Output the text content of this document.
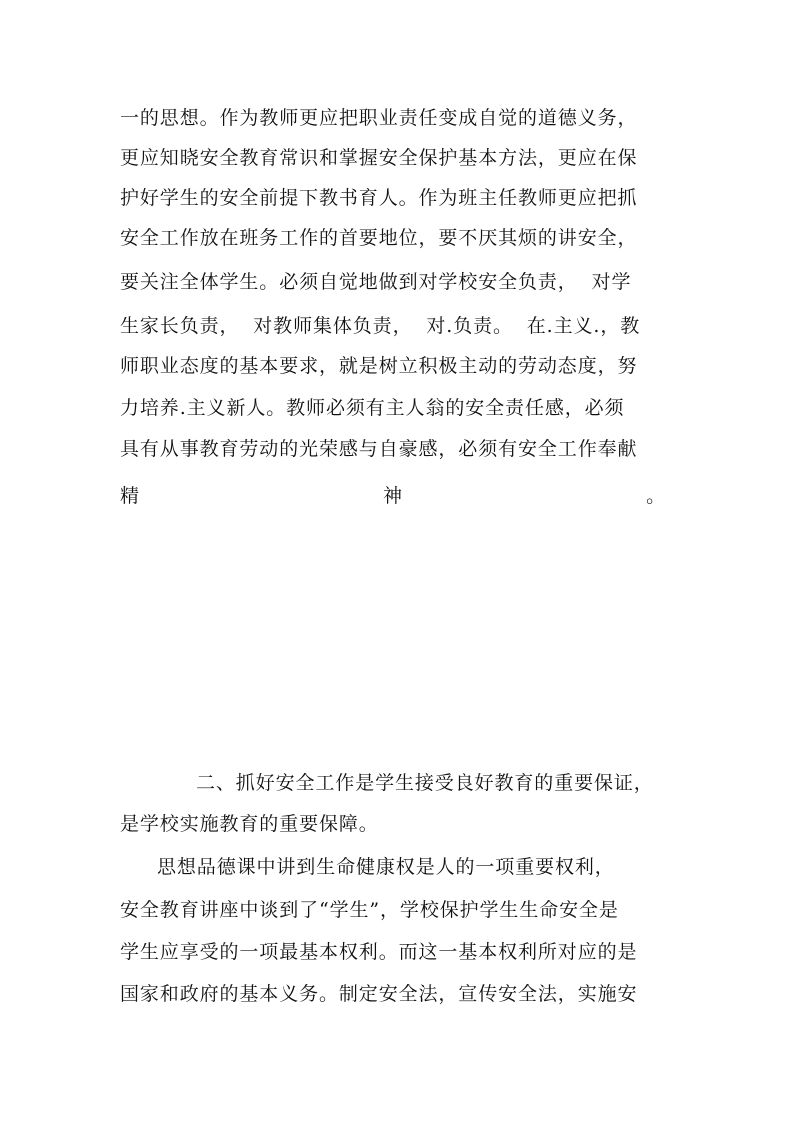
一的思想。作为教师更应把职业责任变成自觉的道德义务，
更应知晓安全教育常识和掌握安全保护基本方法，更应在保
护好学生的安全前提下教书育人。作为班主任教师更应把抓
安全工作放在班务工作的首要地位，要不厌其烦的讲安全，
要关注全体学生。必须自觉地做到对学校安全负责，  对学
生家长负责，  对教师集体负责，  对.负责。  在.主义.，教
师职业态度的基本要求，就是树立积极主动的劳动态度，努
力培养.主义新人。教师必须有主人翁的安全责任感，必须
具有从事教育劳动的光荣感与自豪感，必须有安全工作奉献
精	神	。
二、抓好安全工作是学生接受良好教育的重要保证，
是学校实施教育的重要保障。
思想品德课中讲到生命健康权是人的一项重要权利，
安全教育讲座中谈到了“学生”，学校保护学生生命安全是
学生应享受的一项最基本权利。而这一基本权利所对应的是
国家和政府的基本义务。制定安全法，宣传安全法，实施安
